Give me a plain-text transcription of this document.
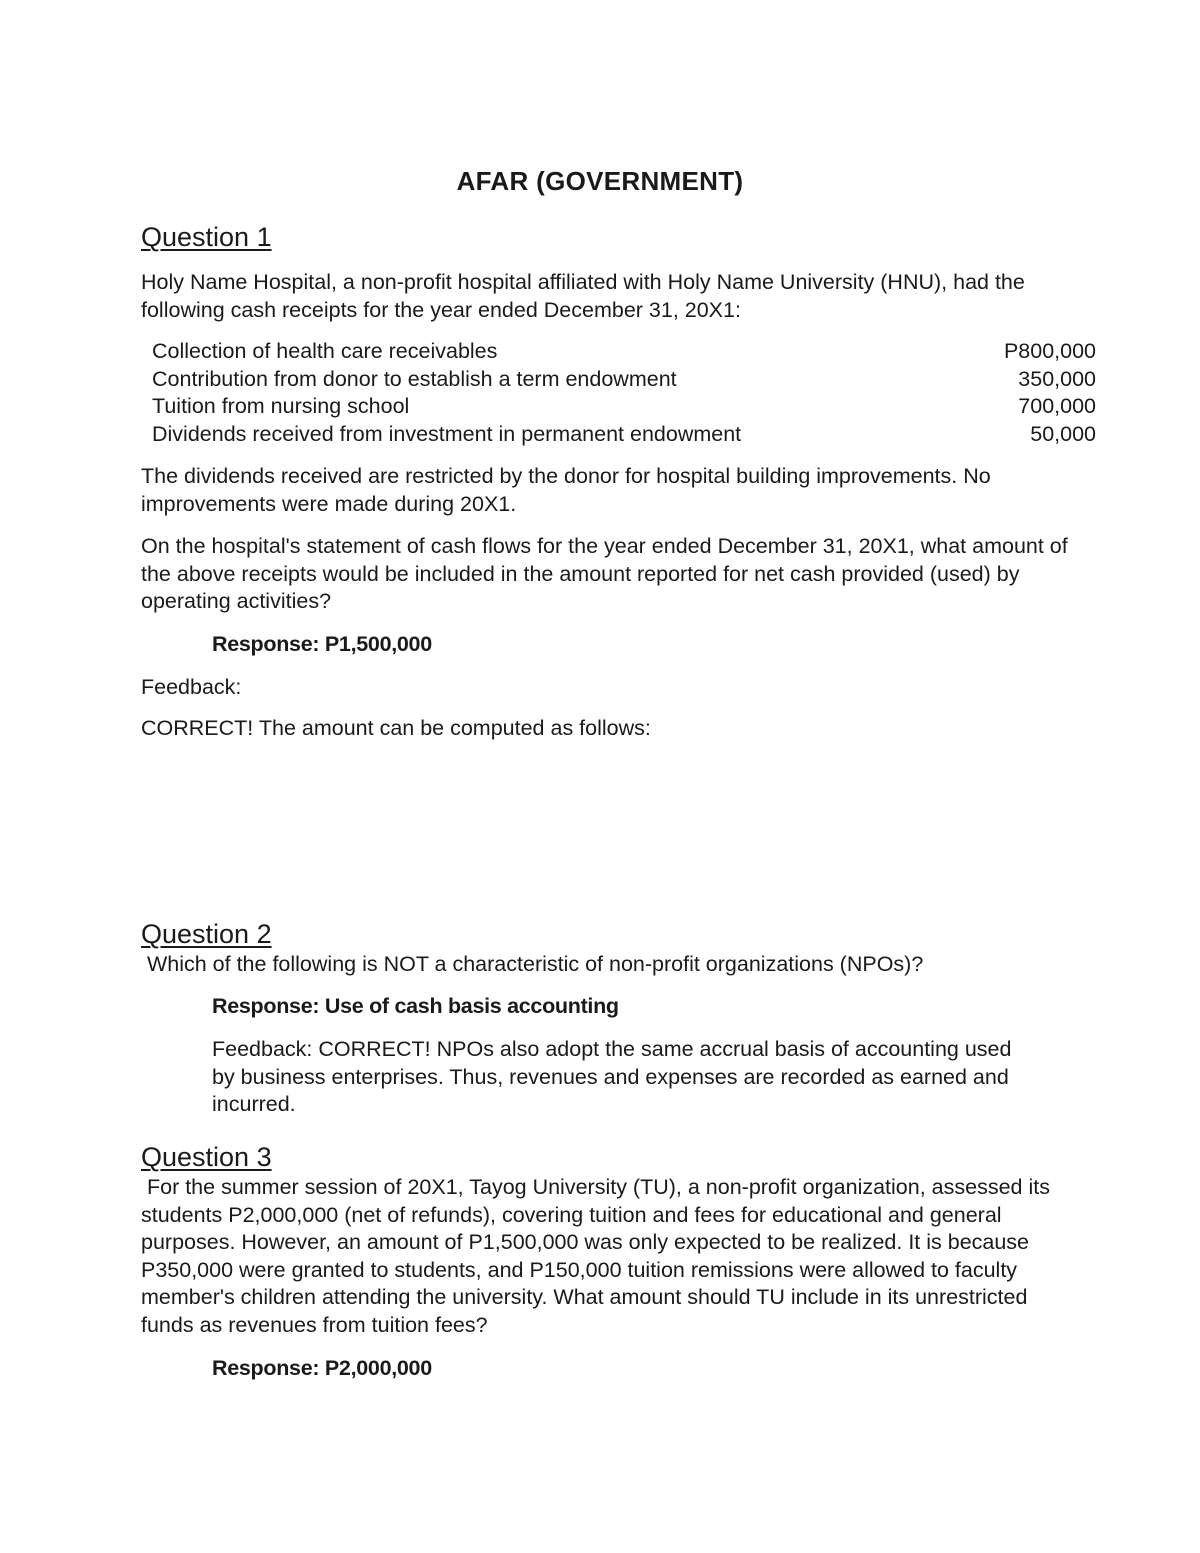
AFAR (GOVERNMENT)
Question 1
Holy Name Hospital, a non-profit hospital affiliated with Holy Name University (HNU), had the following cash receipts for the year ended December 31, 20X1:
Collection of health care receivables	P800,000
Contribution from donor to establish a term endowment	350,000
Tuition from nursing school	700,000
Dividends received from investment in permanent endowment	50,000
The dividends received are restricted by the donor for hospital building improvements. No improvements were made during 20X1.
On the hospital's statement of cash flows for the year ended December 31, 20X1, what amount of the above receipts would be included in the amount reported for net cash provided (used) by operating activities?
Response: P1,500,000
Feedback:
CORRECT! The amount can be computed as follows:
Question 2
Which of the following is NOT a characteristic of non-profit organizations (NPOs)?
Response: Use of cash basis accounting
Feedback: CORRECT! NPOs also adopt the same accrual basis of accounting used by business enterprises. Thus, revenues and expenses are recorded as earned and incurred.
Question 3
For the summer session of 20X1, Tayog University (TU), a non-profit organization, assessed its students P2,000,000 (net of refunds), covering tuition and fees for educational and general purposes. However, an amount of P1,500,000 was only expected to be realized. It is because P350,000 were granted to students, and P150,000 tuition remissions were allowed to faculty member's children attending the university. What amount should TU include in its unrestricted funds as revenues from tuition fees?
Response: P2,000,000
